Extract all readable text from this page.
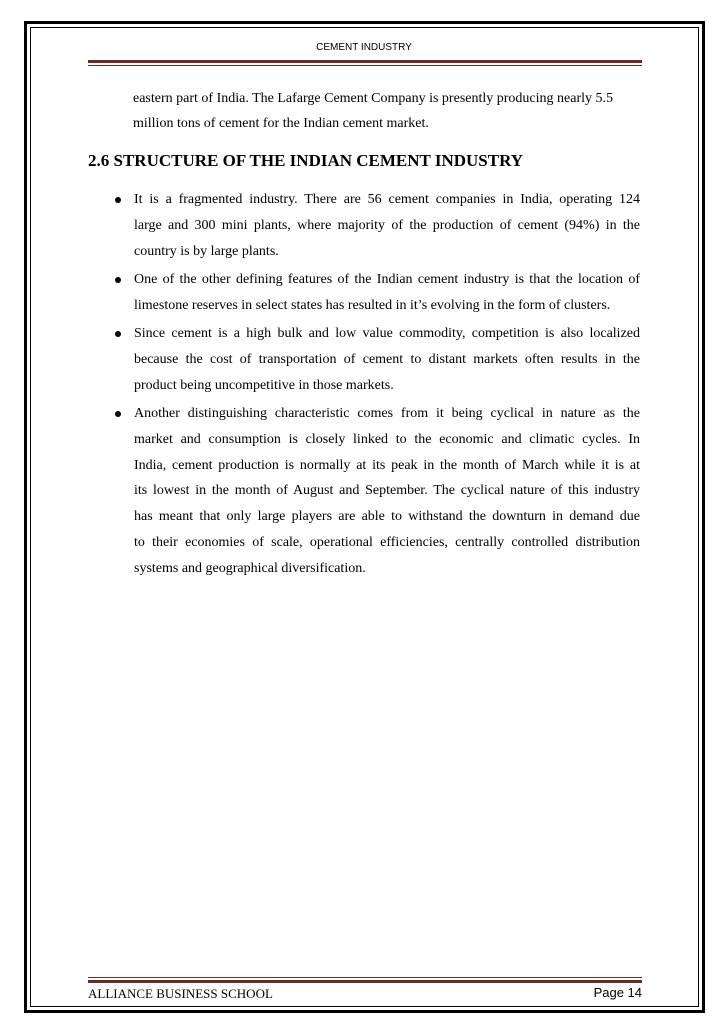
CEMENT INDUSTRY
eastern part of India. The Lafarge Cement Company is presently producing nearly 5.5
million tons of cement for the Indian cement market.
2.6 STRUCTURE OF THE INDIAN CEMENT INDUSTRY
It is a fragmented industry. There are 56 cement companies in India, operating 124
large and 300 mini plants, where majority of the production of cement (94%) in the
country is by large plants.
One of the other defining features of the Indian cement industry is that the location of
limestone reserves in select states has resulted in it’s evolving in the form of clusters.
Since cement is a high bulk and low value commodity, competition is also localized
because the cost of transportation of cement to distant markets often results in the
product being uncompetitive in those markets.
Another distinguishing characteristic comes from it being cyclical in nature as the
market and consumption is closely linked to the economic and climatic cycles. In
India, cement production is normally at its peak in the month of March while it is at
its lowest in the month of August and September. The cyclical nature of this industry
has meant that only large players are able to withstand the downturn in demand due
to their economies of scale, operational efficiencies, centrally controlled distribution
systems and geographical diversification.
ALLIANCE BUSINESS SCHOOL	Page 14
